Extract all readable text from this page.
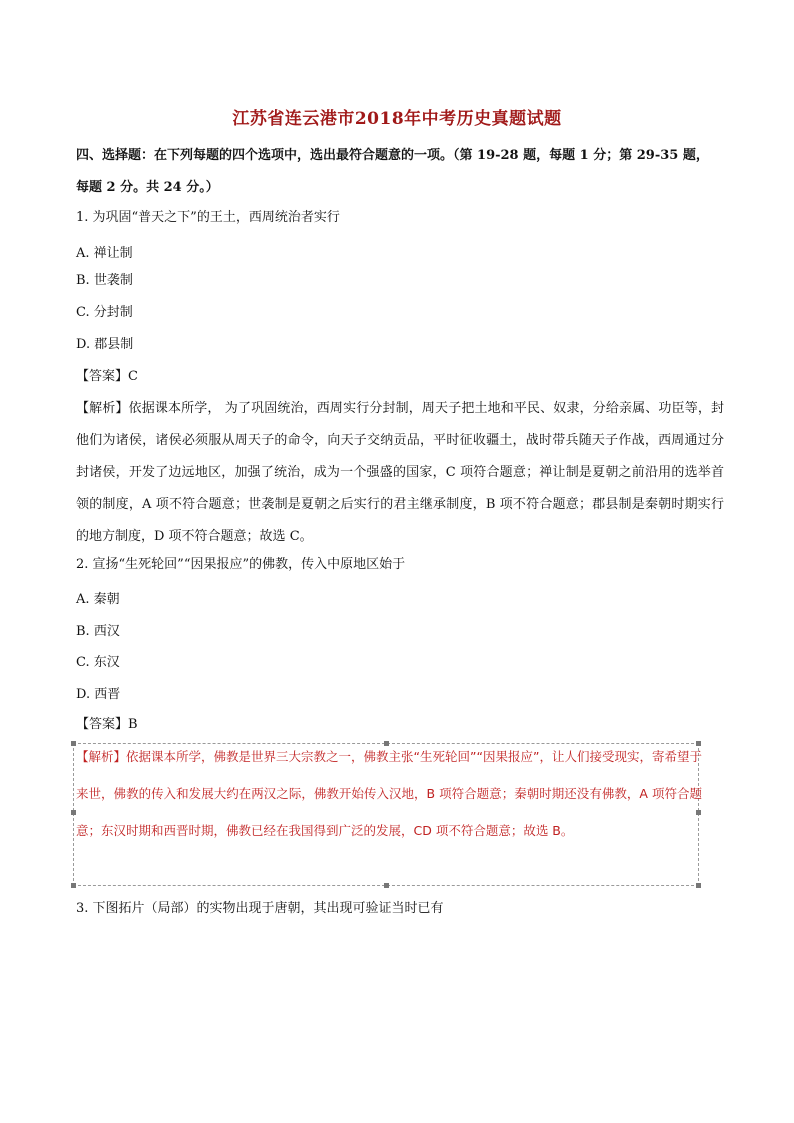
江苏省连云港市2018年中考历史真题试题
四、选择题：在下列每题的四个选项中，选出最符合题意的一项。（第 19-28 题，每题 1 分；第 29-35 题，
每题 2 分。共 24 分。）
1. 为巩固“普天之下”的王土，西周统治者实行
A. 禅让制
B. 世袭制
C. 分封制
D. 郡县制
【答案】C
【解析】依据课本所学， 为了巩固统治，西周实行分封制，周天子把土地和平民、奴隶，分给亲属、功臣等，封他们为诸侯，诸侯必须服从周天子的命令，向天子交纳贡品，平时征收疆土，战时带兵随天子作战，西周通过分封诸侯，开发了边远地区，加强了统治，成为一个强盛的国家，C 项符合题意；禅让制是夏朝之前沿用的选举首领的制度，A 项不符合题意；世袭制是夏朝之后实行的君主继承制度，B 项不符合题意；郡县制是秦朝时期实行的地方制度，D 项不符合题意；故选 C。
2. 宣扬“生死轮回”“因果报应”的佛教，传入中原地区始于
A. 秦朝
B. 西汉
C. 东汉
D. 西晋
【答案】B
【解析】依据课本所学，佛教是世界三大宗教之一，佛教主张“生死轮回”“因果报应”，让人们接受现实，寄希望于来世，佛教的传入和发展大约在两汉之际，佛教开始传入汉地，B 项符合题意；秦朝时期还没有佛教，A 项符合题意；东汉时期和西晋时期，佛教已经在我国得到广泛的发展，CD 项不符合题意；故选 B。
3. 下图拓片（局部）的实物出现于唐朝，其出现可验证当时已有
